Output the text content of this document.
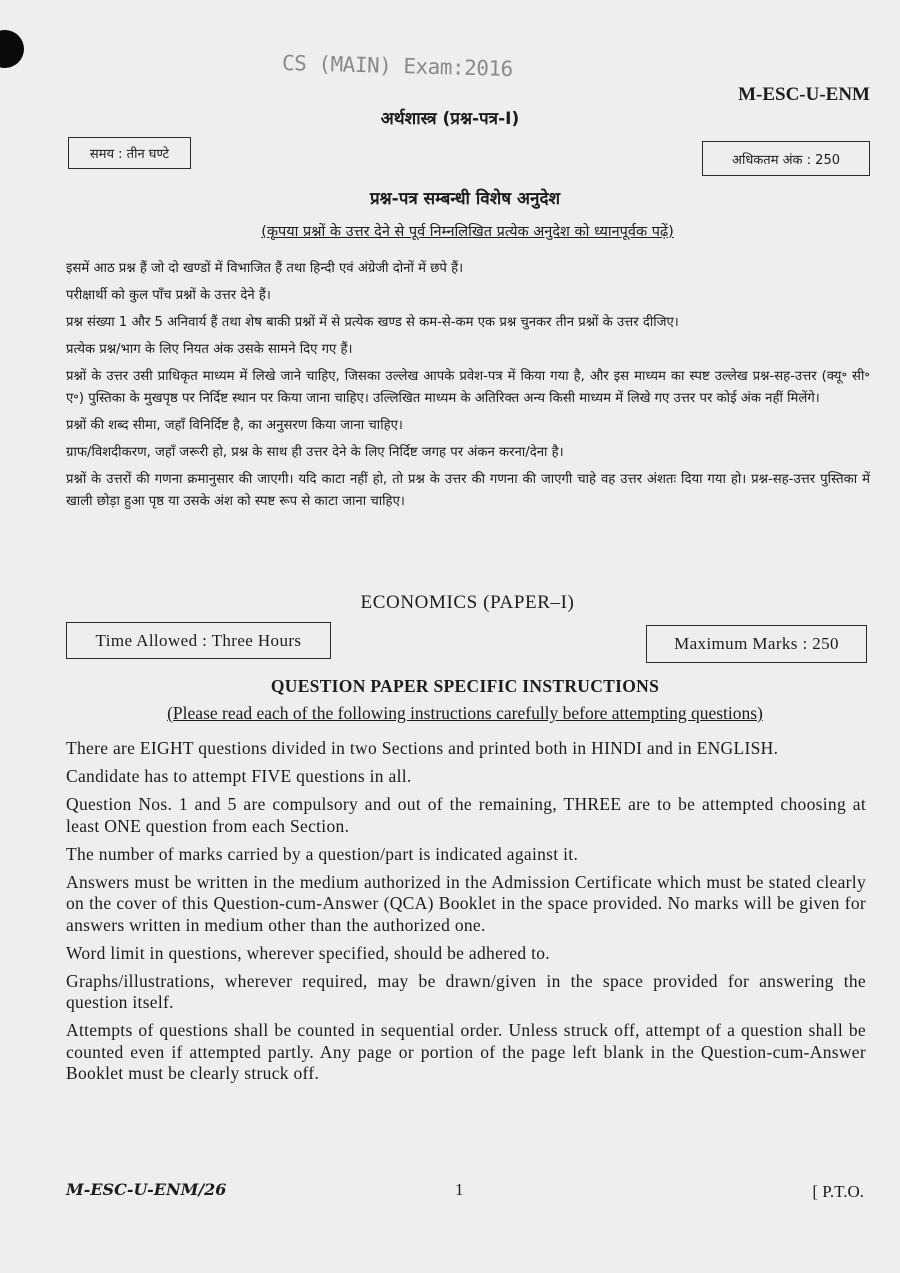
CS (MAIN) Exam:2016
M-ESC-U-ENM
अर्थशास्त्र (प्रश्न-पत्र-I)
समय : तीन घण्टे	अधिकतम अंक : 250
प्रश्न-पत्र सम्बन्धी विशेष अनुदेश
(कृपया प्रश्नों के उत्तर देने से पूर्व निम्नलिखित प्रत्येक अनुदेश को ध्यानपूर्वक पढ़ें)

इसमें आठ प्रश्न हैं जो दो खण्डों में विभाजित हैं तथा हिन्दी एवं अंग्रेजी दोनों में छपे हैं।

परीक्षार्थी को कुल पाँच प्रश्नों के उत्तर देने हैं।

प्रश्न संख्या 1 और 5 अनिवार्य हैं तथा शेष बाकी प्रश्नों में से प्रत्येक खण्ड से कम-से-कम एक प्रश्न चुनकर तीन प्रश्नों के उत्तर दीजिए।

प्रत्येक प्रश्न/भाग के लिए नियत अंक उसके सामने दिए गए हैं।

प्रश्नों के उत्तर उसी प्राधिकृत माध्यम में लिखे जाने चाहिए, जिसका उल्लेख आपके प्रवेश-पत्र में किया गया है, और इस माध्यम का स्पष्ट उल्लेख प्रश्न-सह-उत्तर (क्यू॰ सी॰ ए॰) पुस्तिका के मुखपृष्ठ पर निर्दिष्ट स्थान पर किया जाना चाहिए। उल्लिखित माध्यम के अतिरिक्त अन्य किसी माध्यम में लिखे गए उत्तर पर कोई अंक नहीं मिलेंगे।

प्रश्नों की शब्द सीमा, जहाँ विनिर्दिष्ट है, का अनुसरण किया जाना चाहिए।

ग्राफ/विशदीकरण, जहाँ जरूरी हो, प्रश्न के साथ ही उत्तर देने के लिए निर्दिष्ट जगह पर अंकन करना/देना है।

प्रश्नों के उत्तरों की गणना क्रमानुसार की जाएगी। यदि काटा नहीं हो, तो प्रश्न के उत्तर की गणना की जाएगी चाहे वह उत्तर अंशतः दिया गया हो। प्रश्न-सह-उत्तर पुस्तिका में खाली छोड़ा हुआ पृष्ठ या उसके अंश को स्पष्ट रूप से काटा जाना चाहिए।

ECONOMICS (PAPER–I)
Time Allowed : Three Hours	Maximum Marks : 250
QUESTION PAPER SPECIFIC INSTRUCTIONS
(Please read each of the following instructions carefully before attempting questions)

There are EIGHT questions divided in two Sections and printed both in HINDI and in ENGLISH.

Candidate has to attempt FIVE questions in all.

Question Nos. 1 and 5 are compulsory and out of the remaining, THREE are to be attempted choosing at least ONE question from each Section.

The number of marks carried by a question/part is indicated against it.

Answers must be written in the medium authorized in the Admission Certificate which must be stated clearly on the cover of this Question-cum-Answer (QCA) Booklet in the space provided. No marks will be given for answers written in medium other than the authorized one.

Word limit in questions, wherever specified, should be adhered to.

Graphs/illustrations, wherever required, may be drawn/given in the space provided for answering the question itself.

Attempts of questions shall be counted in sequential order. Unless struck off, attempt of a question shall be counted even if attempted partly. Any page or portion of the page left blank in the Question-cum-Answer Booklet must be clearly struck off.

M-ESC-U-ENM/26	1	[ P.T.O.
